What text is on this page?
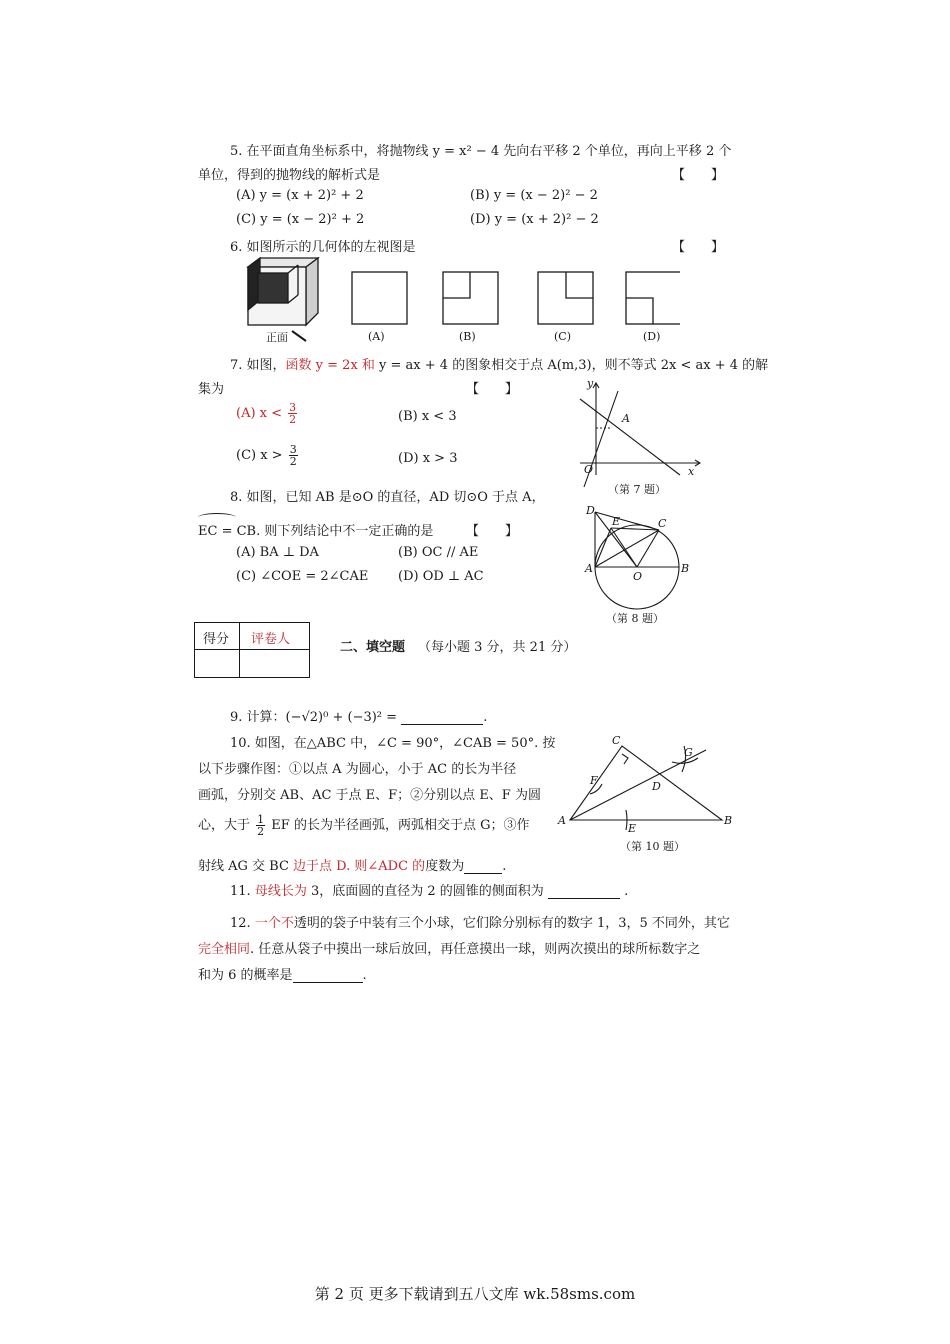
5. 在平面直角坐标系中，将抛物线 y = x² − 4 先向右平移 2 个单位，再向上平移 2 个
单位，得到的抛物线的解析式是	【　　】
(A) y = (x + 2)² + 2	(B) y = (x − 2)² − 2
(C) y = (x − 2)² + 2	(D) y = (x + 2)² − 2
6. 如图所示的几何体的左视图是	【　　】
正面	(A)	(B)	(C)	(D)
7. 如图，函数 y = 2x 和 y = ax + 4 的图象相交于点 A(m,3)，则不等式 2x < ax + 4 的解
集为	【　　】
(A) $x < \frac{3}{2}$	(B) x < 3
(C) $x > \frac{3}{2}$	(D) x > 3
y
x
O
A
（第 7 题）
8. 如图，已知 AB 是⊙O 的直径，AD 切⊙O 于点 A，
EC = CB. 则下列结论中不一定正确的是	【　　】
(A) BA ⊥ DA	(B) OC // AE
(C) ∠COE = 2∠CAE (D) OD ⊥ AC
D
E	C
A
O
B
（第 8 题）
得分 评卷人
二、填空题 （每小题 3 分，共 21 分）
9. 计算：(−√2)⁰ + (−3)² =	.
10. 如图，在△ABC 中，∠C = 90°，∠CAB = 50°. 按
以下步骤作图：①以点 A 为圆心，小于 AC 的长为半径
画弧，分别交 AB、AC 于点 E、F；②分别以点 E、F 为圆
心，大于 $\frac{1}{2}$ EF 的长为半径画弧，两弧相交于点 G；③作
射线 AG 交 BC 边于点 D. 则∠ADC 的度数为	.
C
G
F	D
A
E
B
（第 10 题）
11. 母线长为 3，底面圆的直径为 2 的圆锥的侧面积为	.
12. 一个不透明的袋子中装有三个小球，它们除分别标有的数字 1，3，5 不同外，其它
完全相同. 任意从袋子中摸出一球后放回，再任意摸出一球，则两次摸出的球所标数字之
和为 6 的概率是	.
第 2 页 更多下载请到五八文库 wk.58sms.com
